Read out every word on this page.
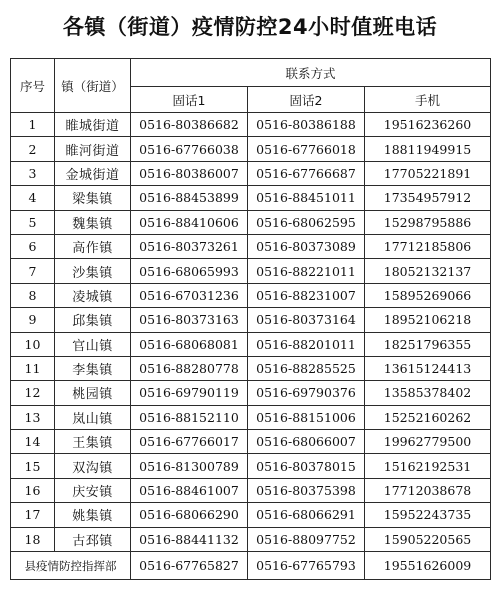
各镇（街道）疫情防控24小时值班电话
序号	镇（街道）	联系方式		
		固话1	固话2	手机
1	睢城街道	0516-80386682	0516-80386188	19516236260
2	睢河街道	0516-67766038	0516-67766018	18811949915
3	金城街道	0516-80386007	0516-67766687	17705221891
4	梁集镇	0516-88453899	0516-88451011	17354957912
5	魏集镇	0516-88410606	0516-68062595	15298795886
6	高作镇	0516-80373261	0516-80373089	17712185806
7	沙集镇	0516-68065993	0516-88221011	18052132137
8	凌城镇	0516-67031236	0516-88231007	15895269066
9	邱集镇	0516-80373163	0516-80373164	18952106218
10	官山镇	0516-68068081	0516-88201011	18251796355
11	李集镇	0516-88280778	0516-88285525	13615124413
12	桃园镇	0516-69790119	0516-69790376	13585378402
13	岚山镇	0516-88152110	0516-88151006	15252160262
14	王集镇	0516-67766017	0516-68066007	19962779500
15	双沟镇	0516-81300789	0516-80378015	15162192531
16	庆安镇	0516-88461007	0516-80375398	17712038678
17	姚集镇	0516-68066290	0516-68066291	15952243735
18	古邳镇	0516-88441132	0516-88097752	15905220565
县疫情防控指挥部		0516-67765827	0516-67765793	19551626009
